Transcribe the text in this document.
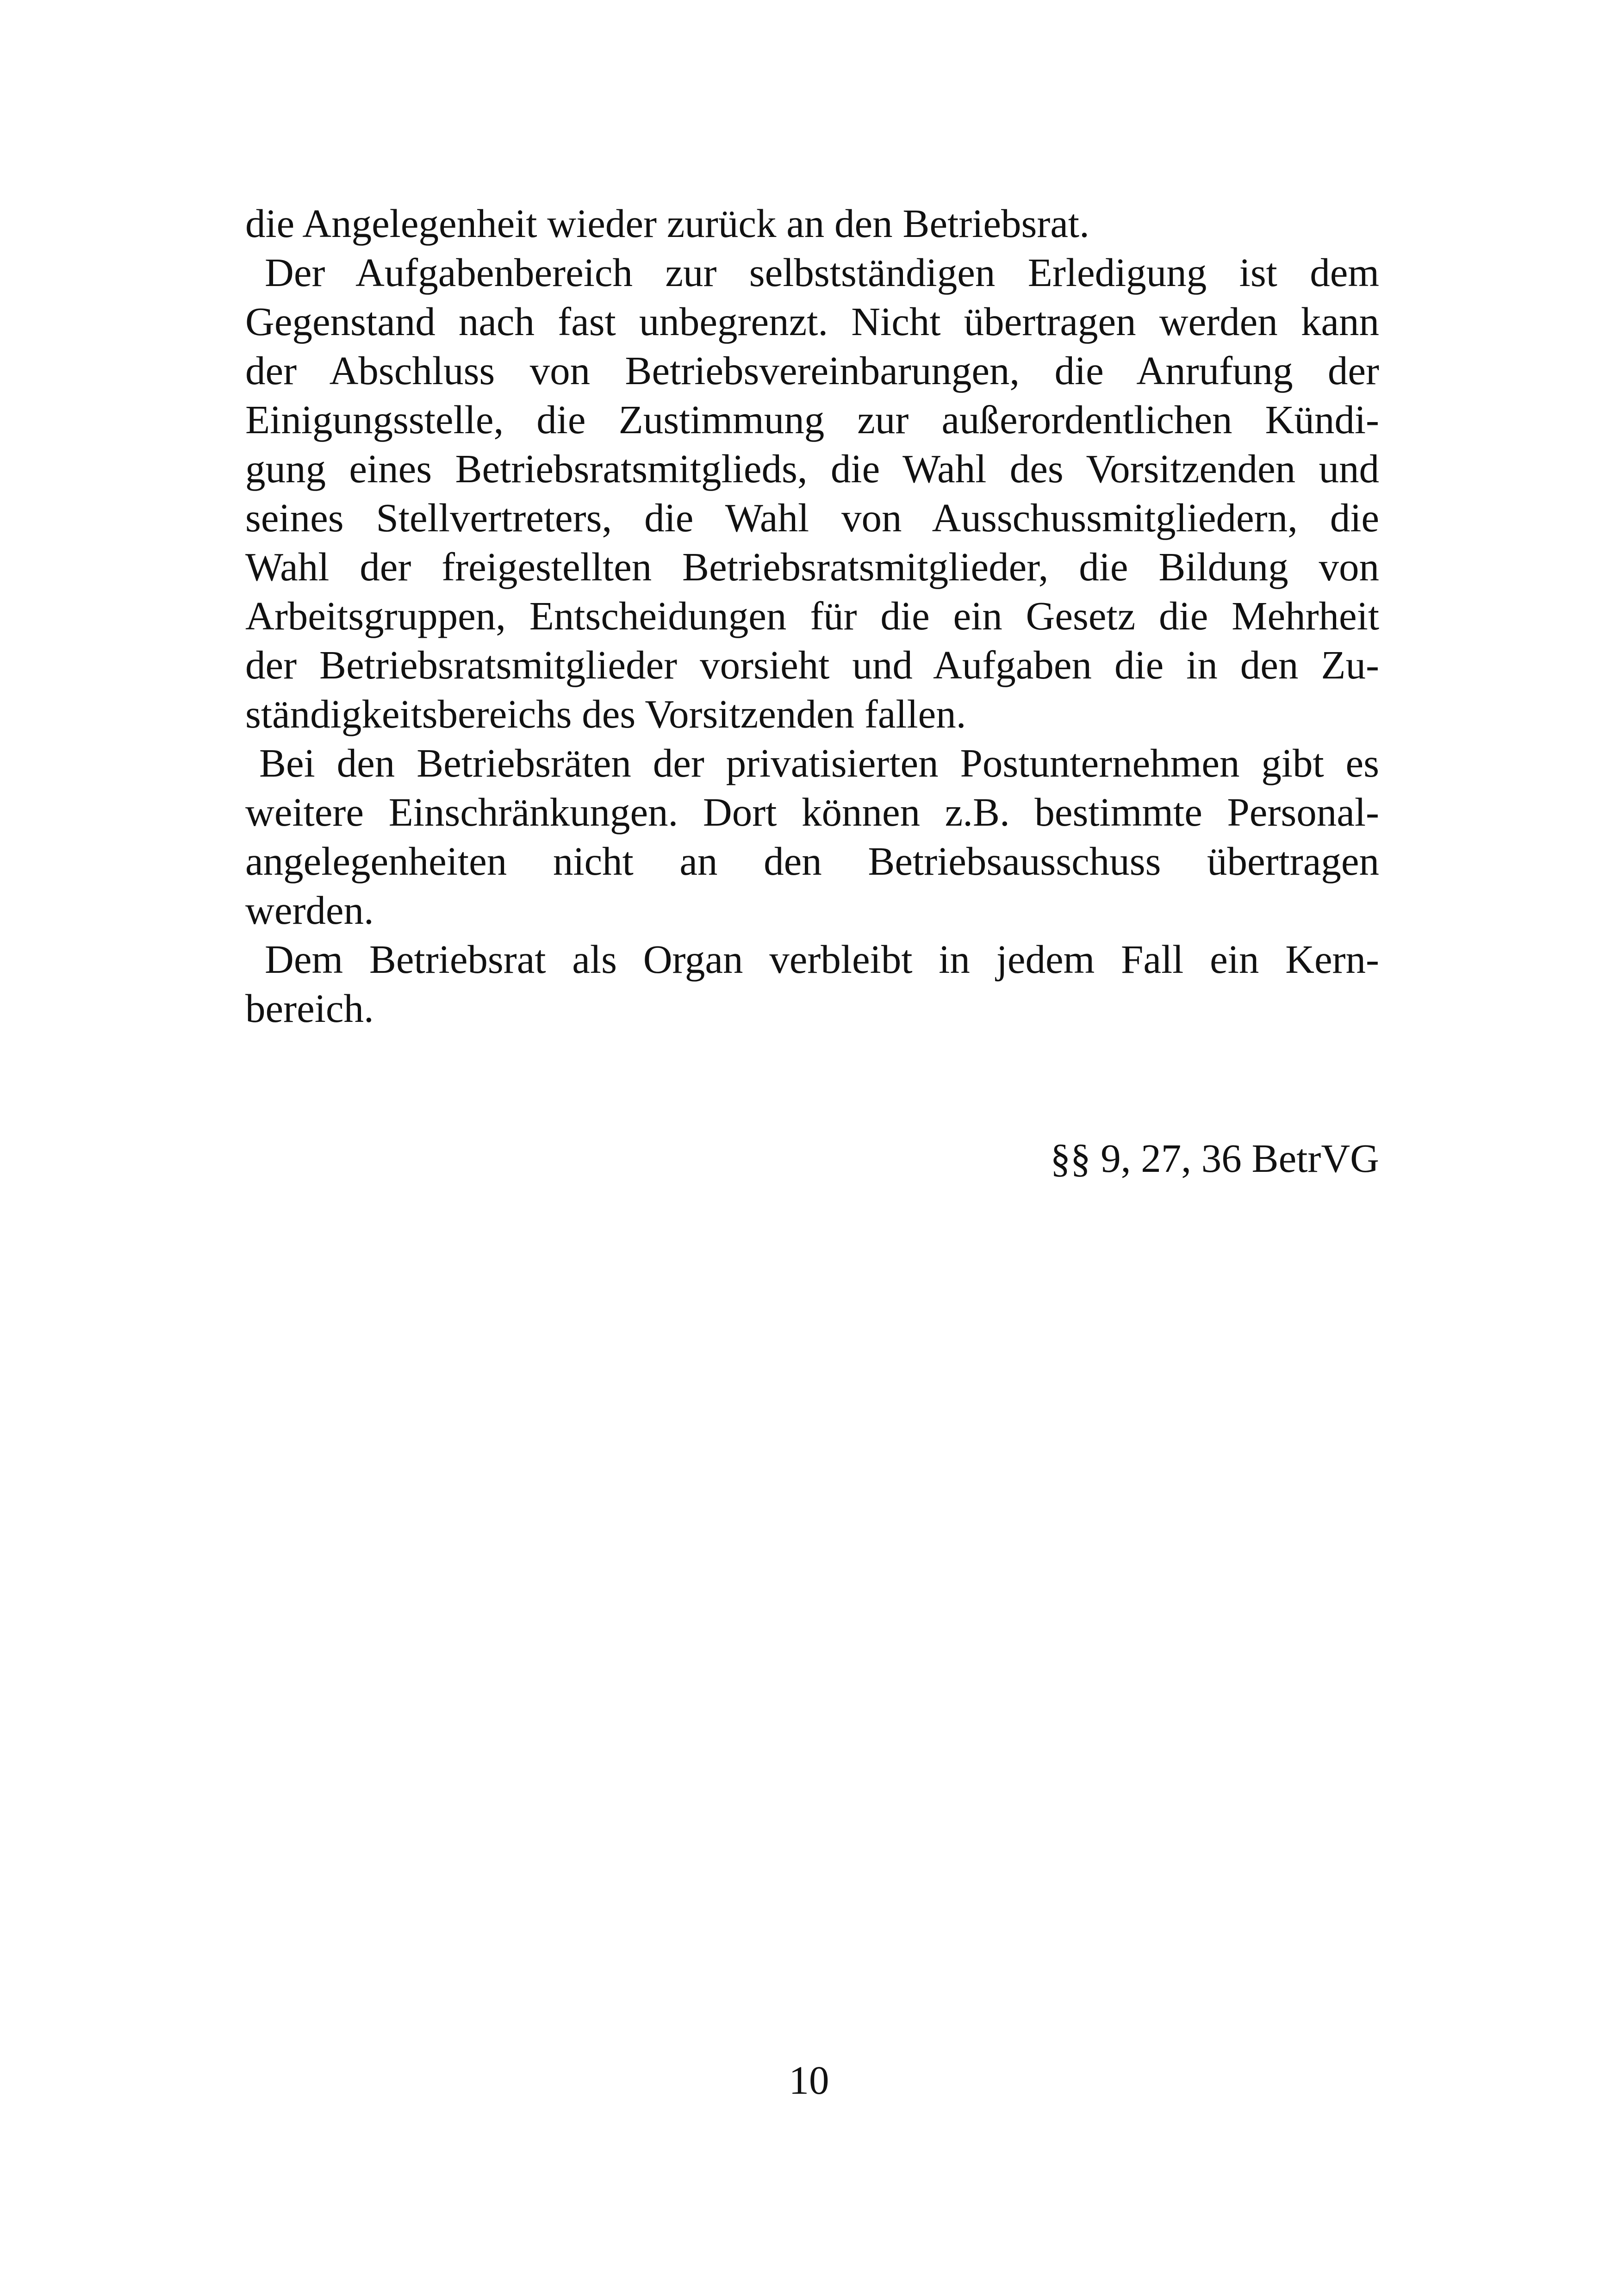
die Angelegenheit wieder zurück an den Betriebsrat.
Der Aufgabenbereich zur selbstständigen Erledigung ist dem
Gegenstand nach fast unbegrenzt. Nicht übertragen werden kann
der Abschluss von Betriebsvereinbarungen, die Anrufung der
Einigungsstelle, die Zustimmung zur außerordentlichen Kündi-
gung eines Betriebsratsmitglieds, die Wahl des Vorsitzenden und
seines Stellvertreters, die Wahl von Ausschussmitgliedern, die
Wahl der freigestellten Betriebsratsmitglieder, die Bildung von
Arbeitsgruppen, Entscheidungen für die ein Gesetz die Mehrheit
der Betriebsratsmitglieder vorsieht und Aufgaben die in den Zu-
ständigkeitsbereichs des Vorsitzenden fallen.
Bei den Betriebsräten der privatisierten Postunternehmen gibt es
weitere Einschränkungen. Dort können z.B. bestimmte Personal-
angelegenheiten nicht an den Betriebsausschuss übertragen
werden.
Dem Betriebsrat als Organ verbleibt in jedem Fall ein Kern-
bereich.
§§ 9, 27, 36 BetrVG
10
